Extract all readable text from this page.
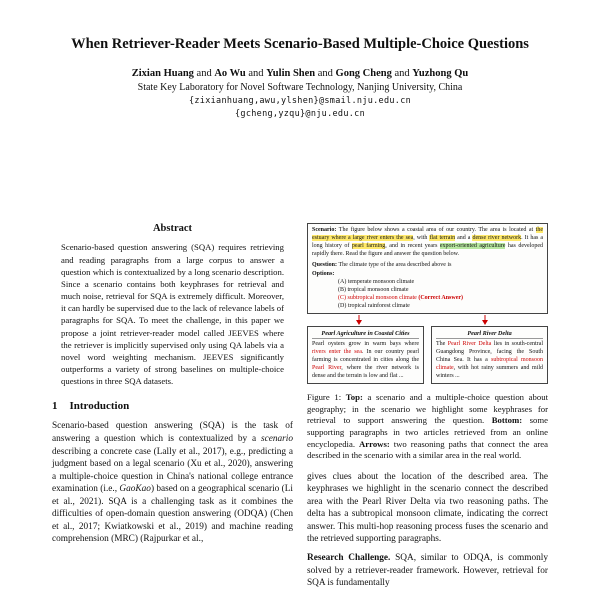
When Retriever-Reader Meets Scenario-Based Multiple-Choice Questions
Zixian Huang and Ao Wu and Yulin Shen and Gong Cheng and Yuzhong Qu
State Key Laboratory for Novel Software Technology, Nanjing University, China
{zixianhuang,awu,ylshen}@smail.nju.edu.cn
{gcheng,yzqu}@nju.edu.cn
Abstract

Scenario-based question answering (SQA) requires retrieving and reading paragraphs from a large corpus to answer a question which is contextualized by a long scenario description. Since a scenario contains both keyphrases for retrieval and much noise, retrieval for SQA is extremely difficult. Moreover, it can hardly be supervised due to the lack of relevance labels of paragraphs for SQA. To meet the challenge, in this paper we propose a joint retriever-reader model called JEEVES where the retriever is implicitly supervised only using QA labels via a novel word weighting mechanism. JEEVES significantly outperforms a variety of strong baselines on multiple-choice questions in three SQA datasets.

1 Introduction

Scenario-based question answering (SQA) is the task of answering a question which is contextualized by a scenario describing a concrete case (Lally et al., 2017), e.g., predicting a judgment based on a legal scenario (Xu et al., 2020), answering a multiple-choice question in China's national college entrance examination (i.e., GaoKao) based on a geographical scenario (Li et al., 2021). SQA is a challenging task as it combines the difficulties of open-domain question answering (ODQA) (Chen et al., 2017; Kwiatkowski et al., 2019) and machine reading comprehension (MRC) (Rajpurkar et al.,

Scenario: The figure below shows a coastal area of our country. The area is located at the estuary where a large river enters the sea, with flat terrain and a dense river network. It has a long history of pearl farming, and in recent years export-oriented agriculture has developed rapidly there. Read the figure and answer the question below.

Question: The climate type of the area described above is

Options:
(A) temperate monsoon climate
(B) tropical monsoon climate
(C) subtropical monsoon climate (Correct Answer)
(D) tropical rainforest climate
Pearl Agriculture in Coastal Cities

Pearl oysters grow in warm bays where rivers enter the sea. In our country pearl farming is concentrated in cities along the Pearl River, where the river network is dense and the terrain is low and flat ...

Pearl River Delta

The Pearl River Delta lies in south-central Guangdong Province, facing the South China Sea. It has a subtropical monsoon climate, with hot rainy summers and mild winters ...

Figure 1: Top: a scenario and a multiple-choice question about geography; in the scenario we highlight some keyphrases for retrieval to support answering the question. Bottom: some supporting paragraphs in two articles retrieved from an online encyclopedia. Arrows: two reasoning paths that connect the area described in the scenario with a similar area in the real world.

gives clues about the location of the described area. The keyphrases we highlight in the scenario connect the described area with the Pearl River Delta via two reasoning paths. The delta has a subtropical monsoon climate, indicating the correct answer. This multi-hop reasoning process fuses the scenario and the retrieved supporting paragraphs.

Research Challenge. SQA, similar to ODQA, is commonly solved by a retriever-reader framework. However, retrieval for SQA is fundamentally
